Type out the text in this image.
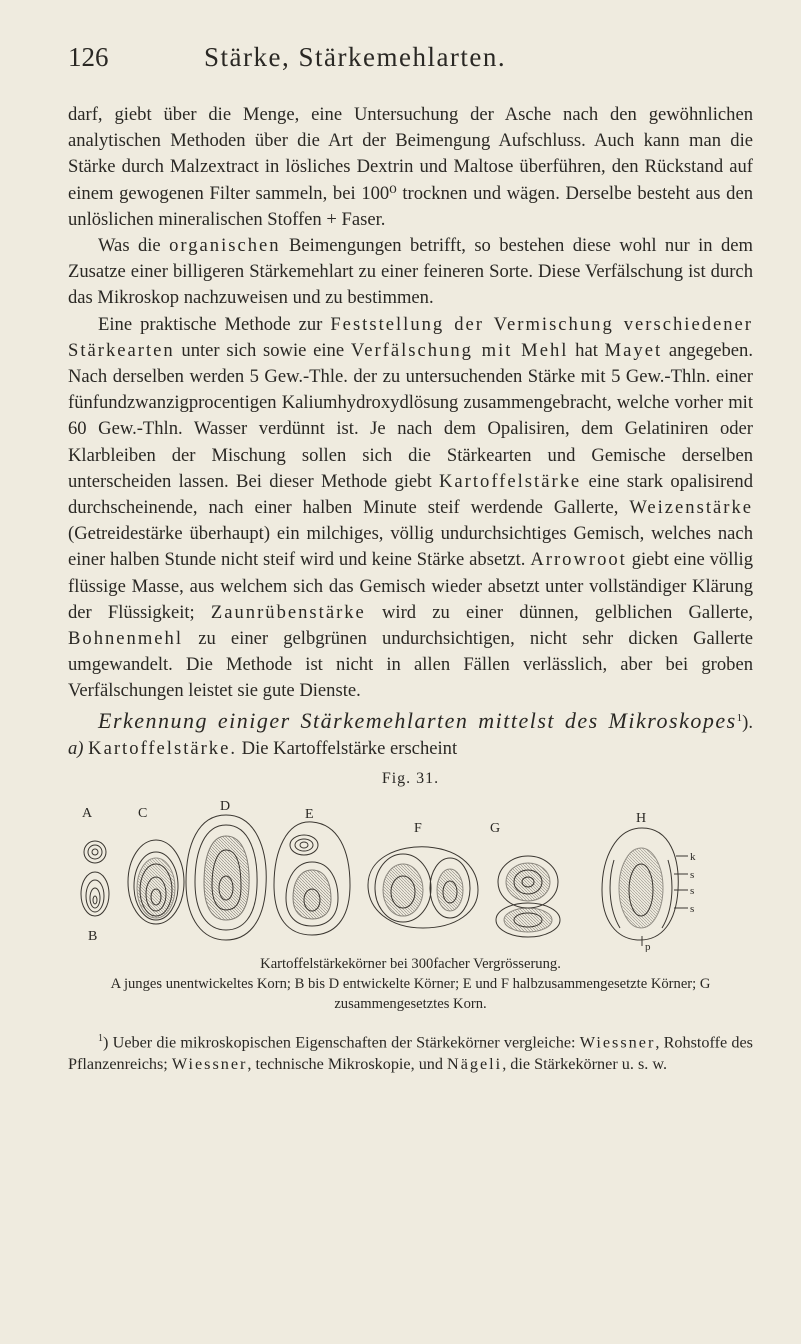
126	Stärke, Stärkemehlarten.

darf, giebt über die Menge, eine Untersuchung der Asche nach den gewöhnlichen analytischen Methoden über die Art der Beimengung Aufschluss. Auch kann man die Stärke durch Malzextract in lösliches Dextrin und Maltose überführen, den Rückstand auf einem gewogenen Filter sammeln, bei 100⁰ trocknen und wägen. Derselbe besteht aus den unlöslichen mineralischen Stoffen + Faser.

Was die organischen Beimengungen betrifft, so bestehen diese wohl nur in dem Zusatze einer billigeren Stärkemehlart zu einer feineren Sorte. Diese Verfälschung ist durch das Mikroskop nachzuweisen und zu bestimmen.

Eine praktische Methode zur Feststellung der Vermischung verschiedener Stärkearten unter sich sowie eine Verfälschung mit Mehl hat Mayet angegeben. Nach derselben werden 5 Gew.-Thle. der zu untersuchenden Stärke mit 5 Gew.-Thln. einer fünfundzwanzigprocentigen Kaliumhydroxydlösung zusammengebracht, welche vorher mit 60 Gew.-Thln. Wasser verdünnt ist. Je nach dem Opalisiren, dem Gelatiniren oder Klarbleiben der Mischung sollen sich die Stärkearten und Gemische derselben unterscheiden lassen. Bei dieser Methode giebt Kartoffelstärke eine stark opalisirend durchscheinende, nach einer halben Minute steif werdende Gallerte, Weizenstärke (Getreidestärke überhaupt) ein milchiges, völlig undurchsichtiges Gemisch, welches nach einer halben Stunde nicht steif wird und keine Stärke absetzt. Arrowroot giebt eine völlig flüssige Masse, aus welchem sich das Gemisch wieder absetzt unter vollständiger Klärung der Flüssigkeit; Zaunrübenstärke wird zu einer dünnen, gelblichen Gallerte, Bohnenmehl zu einer gelbgrünen undurchsichtigen, nicht sehr dicken Gallerte umgewandelt. Die Methode ist nicht in allen Fällen verlässlich, aber bei groben Verfälschungen leistet sie gute Dienste.

Erkennung einiger Stärkemehlarten mittelst des Mikroskopes$^1$). a) Kartoffelstärke. Die Kartoffelstärke erscheint

Fig. 31.
A
B
C	D
E
F	G
H
k
s
s
s
p
Kartoffelstärkekörner bei 300facher Vergrösserung.
A junges unentwickeltes Korn; B bis D entwickelte Körner; E und F halbzusammengesetzte Körner; G zusammengesetztes Korn.

$^1$) Ueber die mikroskopischen Eigenschaften der Stärkekörner vergleiche: Wiessner, Rohstoffe des Pflanzenreichs; Wiessner, technische Mikroskopie, und Nägeli, die Stärkekörner u. s. w.
